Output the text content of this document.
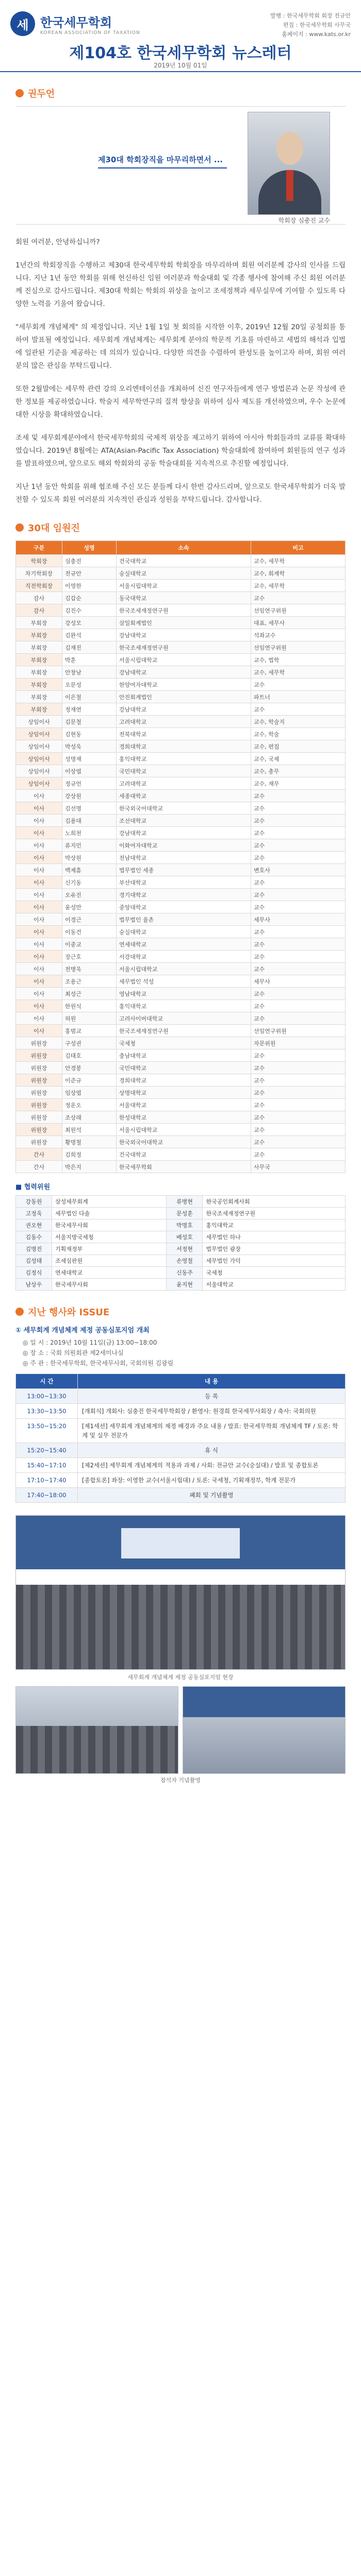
세 한국세무학회
KOREAN ASSOCIATION OF TAXATION
발행 : 한국세무학회 회장 전규안
편집 : 한국세무학회 사무국
홈페이지 : www.kats.or.kr
제104호 한국세무학회 뉴스레터
2019년 10월 01일
권두언
제30대 학회장직을 마무리하면서 ...
학회장 심충진 교수

회원 여러분, 안녕하십니까?

1년간의 학회장직을 수행하고 제30대 한국세무학회 학회장을 마무리하며 회원 여러분께 감사의 인사를 드립니다. 지난 1년 동안 학회를 위해 헌신하신 임원 여러분과 학술대회 및 각종 행사에 참여해 주신 회원 여러분께 진심으로 감사드립니다. 제30대 학회는 학회의 위상을 높이고 조세정책과 세무실무에 기여할 수 있도록 다양한 노력을 기울여 왔습니다.

"세무회계 개념체계" 의 제정입니다. 지난 1월 1일 첫 회의를 시작한 이후, 2019년 12월 20일 공청회를 통하여 발표될 예정입니다. 세무회계 개념체계는 세무회계 분야의 학문적 기초를 마련하고 세법의 해석과 입법에 일관된 기준을 제공하는 데 의의가 있습니다. 다양한 의견을 수렴하여 완성도를 높이고자 하며, 회원 여러분의 많은 관심을 부탁드립니다.

또한 2월말에는 세무학 관련 강의 오리엔테이션을 개최하여 신진 연구자들에게 연구 방법론과 논문 작성에 관한 정보를 제공하였습니다. 학술지 세무학연구의 질적 향상을 위하여 심사 제도를 개선하였으며, 우수 논문에 대한 시상을 확대하였습니다.

조세 및 세무회계분야에서 한국세무학회의 국제적 위상을 제고하기 위하여 아시아 학회들과의 교류를 확대하였습니다. 2019년 8월에는 ATA(Asian-Pacific Tax Association) 학술대회에 참여하여 회원들의 연구 성과를 발표하였으며, 앞으로도 해외 학회와의 공동 학술대회를 지속적으로 추진할 예정입니다.

지난 1년 동안 학회를 위해 협조해 주신 모든 분들께 다시 한번 감사드리며, 앞으로도 한국세무학회가 더욱 발전할 수 있도록 회원 여러분의 지속적인 관심과 성원을 부탁드립니다. 감사합니다.

30대 임원진
구분	성명	소속	비고
학회장	심충진	건국대학교	교수, 세무학
차기학회장	전규안	숭실대학교	교수, 회계학
직전학회장	이영한	서울시립대학교	교수, 세무학
감사	김갑순	동국대학교	교수
감사	김진수	한국조세재정연구원	선임연구위원
부회장	강성모	삼일회계법인	대표, 세무사
부회장	김완석	강남대학교	석좌교수
부회장	김재진	한국조세재정연구원	선임연구위원
부회장	박훈	서울시립대학교	교수, 법학
부회장	안창남	강남대학교	교수, 세무학
부회장	오문성	한양여자대학교	교수
부회장	이은철	안진회계법인	파트너
부회장	정재연	강남대학교	교수
상임이사	김문철	고려대학교	교수, 학술지
상임이사	김현동	전북대학교	교수, 학술
상임이사	박성욱	경희대학교	교수, 편집
상임이사	성명재	홍익대학교	교수, 국제
상임이사	이상엽	국민대학교	교수, 총무
상임이사	정규언	고려대학교	교수, 재무
이사	강상원	세종대학교	교수
이사	김선명	한국외국어대학교	교수
이사	김용대	조선대학교	교수
이사	노희천	강남대학교	교수
이사	류지민	이화여자대학교	교수
이사	박상원	전남대학교	교수
이사	백제흠	법무법인 세종	변호사
이사	신기동	부산대학교	교수
이사	오유진	경기대학교	교수
이사	윤성만	중앙대학교	교수
이사	이경근	법무법인 율촌	세무사
이사	이동건	숭실대학교	교수
이사	이중교	연세대학교	교수
이사	장근호	서강대학교	교수
이사	전병욱	서울시립대학교	교수
이사	조용근	세무법인 석성	세무사
이사	최성근	영남대학교	교수
이사	한원식	홍익대학교	교수
이사	허원	고려사이버대학교	교수
이사	홍범교	한국조세재정연구원	선임연구위원
위원장	구성권	국세청	자문위원
위원장	김태호	충남대학교	교수
위원장	안경봉	국민대학교	교수
위원장	이준규	경희대학교	교수
위원장	임상엽	상명대학교	교수
위원장	정운오	서울대학교	교수
위원장	조상래	한성대학교	교수
위원장	최원석	서울시립대학교	교수
위원장	황명철	한국외국어대학교	교수
간사	김희정	건국대학교	교수
간사	박은지	한국세무학회	사무국
■ 협력위원
강동원	삼성세무회계	류병현	한국공인회계사회
고정욱	세무법인 다솔	문성훈	한국조세재정연구원
권오현	한국세무사회	박명호	홍익대학교
김동수	서울지방국세청	배성호	세무법인 하나
김명진	기획재정부	서정현	법무법인 광장
김성태	조세심판원	손영철	세무법인 가덕
김정식	연세대학교	신동주	국세청
남상우	한국세무사회	윤지현	서울대학교
지난 행사와 ISSUE
① 세무회계 개념체계 제정 공동심포지엄 개최
◎ 일 시 : 2019년 10월 11일(금) 13:00~18:00
◎ 장 소 : 국회 의원회관 제2세미나실
◎ 주 관 : 한국세무학회, 한국세무사회, 국회의원 김광림
시 간	내 용
13:00~13:30	등 록
13:30~13:50	[개회식] 개회사: 심충진 한국세무학회장 / 환영사: 원경희 한국세무사회장 / 축사: 국회의원
13:50~15:20	[제1세션] 세무회계 개념체계의 제정 배경과 주요 내용 / 발표: 한국세무학회 개념체계 TF / 토론: 학계 및 실무 전문가
15:20~15:40	휴 식
15:40~17:10	[제2세션] 세무회계 개념체계의 적용과 과제 / 사회: 전규안 교수(숭실대) / 발표 및 종합토론
17:10~17:40	[종합토론] 좌장: 이영한 교수(서울시립대) / 토론: 국세청, 기획재정부, 학계 전문가
17:40~18:00	폐회 및 기념촬영
세무회계 개념체계 제정 공동심포지엄 현장
참석자 기념촬영
